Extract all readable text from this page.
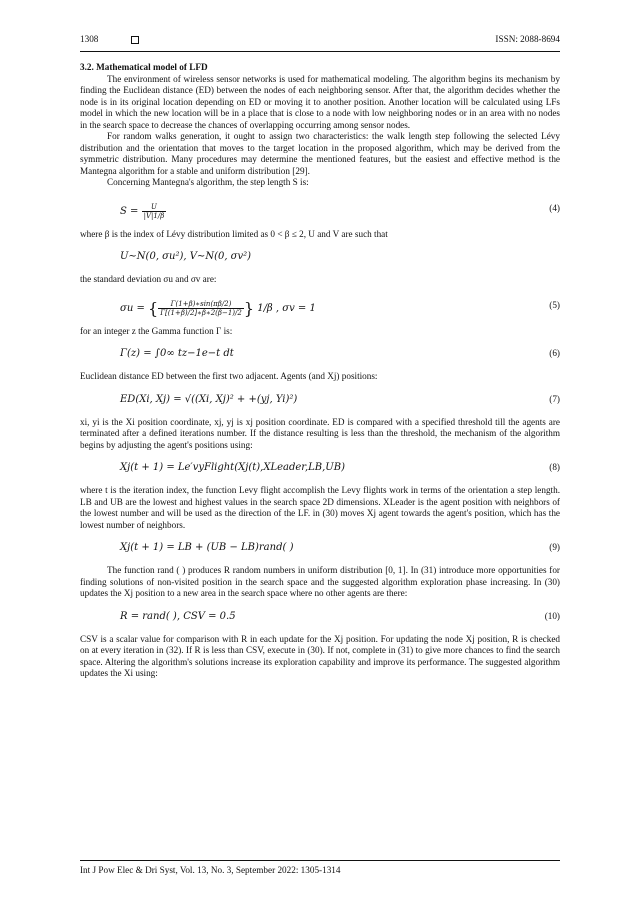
1308	ISSN: 2088-8694
3.2. Mathematical model of LFD

The environment of wireless sensor networks is used for mathematical modeling. The algorithm begins its mechanism by finding the Euclidean distance (ED) between the nodes of each neighboring sensor. After that, the algorithm decides whether the node is in its original location depending on ED or moving it to another position. Another location will be calculated using LFs model in which the new location will be in a place that is close to a node with low neighboring nodes or in an area with no nodes in the search space to decrease the chances of overlapping occurring among sensor nodes.

For random walks generation, it ought to assign two characteristics: the walk length step following the selected Lévy distribution and the orientation that moves to the target location in the proposed algorithm, which may be derived from the symmetric distribution. Many procedures may determine the mentioned features, but the easiest and effective method is the Mantegna algorithm for a stable and uniform distribution [29].

Concerning Mantegna's algorithm, the step length S is:

$S = \frac{U}{|V|1/\beta}$	(4)

where β is the index of Lévy distribution limited as 0 < β ≤ 2, U and V are such that

U∼N(0, σu²), V∼N(0, σv²)

the standard deviation σu and σv are:

σu = { $\frac{\Gamma(1+\beta)∗\sin(\pi\beta/2)}{\Gamma[(1+\beta)/2]∗\beta∗2(\beta-1)/2}$ } 1/β , σv = 1	(5)

for an integer z the Gamma function Γ is:

Γ(z) = ∫0∞ tz−1e−t dt	(6)

Euclidean distance ED between the first two adjacent. Agents (and Xj) positions:

ED(Xi, Xj) = √((Xi, Xj)² + +(yj, Yi)²)	(7)

xi, yi is the Xi position coordinate, xj, yj is xj position coordinate. ED is compared with a specified threshold till the agents are terminated after a defined iterations number. If the distance resulting is less than the threshold, the mechanism of the algorithm begins by adjusting the agent's positions using:

Xj(t + 1) = Le′vyFlight(Xj(t),XLeader,LB,UB)	(8)

where t is the iteration index, the function Levy flight accomplish the Levy flights work in terms of the orientation a step length. LB and UB are the lowest and highest values in the search space 2D dimensions. XLeader is the agent position with neighbors of the lowest number and will be used as the direction of the LF. in (30) moves Xj agent towards the agent's position, which has the lowest number of neighbors.

Xj(t + 1) = LB + (UB − LB)rand( )	(9)

The function rand ( ) produces R random numbers in uniform distribution [0, 1]. In (31) introduce more opportunities for finding solutions of non-visited position in the search space and the suggested algorithm exploration phase increasing. In (30) updates the Xj position to a new area in the search space where no other agents are there:

R = rand( ), CSV = 0.5	(10)

CSV is a scalar value for comparison with R in each update for the Xj position. For updating the node Xj position, R is checked on at every iteration in (32). If R is less than CSV, execute in (30). If not, complete in (31) to give more chances to find the search space. Altering the algorithm's solutions increase its exploration capability and improve its performance. The suggested algorithm updates the Xi using:

Int J Pow Elec & Dri Syst, Vol. 13, No. 3, September 2022: 1305-1314
